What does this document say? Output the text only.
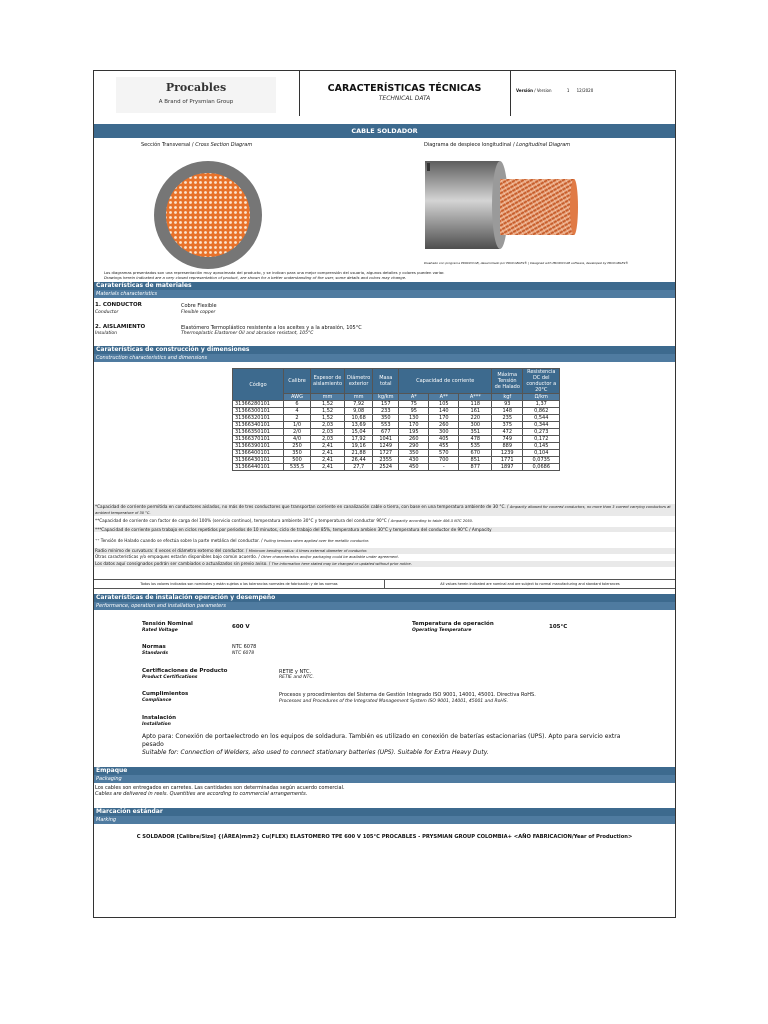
Procables
A Brand of Prysmian Group
CARACTERÍSTICAS TÉCNICAS
TECHNICAL DATA
Versión / Version	1 12/2020
CABLE SOLDADOR
Sección Transversal / Cross Section Diagram	Diagrama de despiece longitudinal / Longitudinal Diagram
Diseñado con programa PRODICCAB, desarrollado por PROCABLES® | Designed with PRODICCAB software, developed by PROCABLES®
Los diagramas presentados son una representación muy aproximada del producto, y se indican para una mejor comprensión del usuario, algunos detalles y colores pueden variar.
Drawings herein indicated are a very closed representation of product, are shown for a better understanding of the user, some details and colors may change.
Caraterísticas de materiales
Materials characteristics
1. CONDUCTOR
Conductor
Cobre Flexible
Flexible copper
2. AISLAMIENTO
Insulation
Elastómero Termoplástico resistente a los aceites y a la abrasión, 105°C
Thermoplastic Elastomer Oil and abrasion resistant, 105°C
Caraterísticas de construcción y dimensiones
Construction characteristics and dimensions
Código	Calibre	Espesor de aislamiento	Diámetro exterior	Masa total	Capacidad de corriente			Máxima Tensión de Halado	Resistencia DC del conductor a 20°C
	AWG	mm	mm	kg/km	A*	A**	A***	kgf	Ω/km
31366280101	6	1,52	7,92	157	75	105	118	93	1,37
31366300101	4	1,52	9,08	233	95	140	161	148	0,862
31366320101	2	1,52	10,68	350	130	170	220	235	0,544
31366340101	1/0	2,03	13,69	553	170	260	300	375	0,344
31366350101	2/0	2,03	15,04	677	195	300	351	472	0,273
31366370101	4/0	2,03	17,92	1041	260	405	478	749	0,172
31366390101	250	2,41	19,16	1249	290	455	535	889	0,145
31366400101	350	2,41	21,88	1727	350	570	670	1239	0,104
31366430101	500	2,41	26,44	2355	430	700	851	1771	0,0735
31366440101	535,5	2,41	27,7	2524	450	-	877	1897	0,0686
*Capacidad de corriente permitida en conductores aislados, no más de tres conductores que transportan corriente en canalización cable o tierra, con base en una temperatura ambiente de 30 °C. / Ampacity allowed for covered conductors, no more than 3 current carrying conductors at ambient temperature of 30 °C.
**Capacidad de corriente con factor de carga del 100% (servicio continuo), temperatura ambiente 30°C y temperatura del conductor 90°C / Ampacity according to table 406-5 NTC 2050.
***Capacidad de corriente para trabajo en ciclos repetidos por periodos de 10 minutos, ciclo de trabajo del 85%, temperatura ambien 30°C y temperatura del conductor de 90°C / Ampacity
⁺⁺ Tensión de Halado cuando se efectúa sobre la parte metálica del conductor. / Pulling tensions when applied over the metallic conductor.
Radio mínimo de curvatura: 4 veces el diámetro externo del conductor. / Minimum bending radius: 4 times external diameter of conductor.
Otras características y/o empaques estarán disponibles bajo común acuerdo. / Other characteristics and/or packaging could be available under agreement.
Los datos aquí consignados podrán ser cambiados o actualizados sin previo aviso. / The information here stated may be changed or updated without prior notice.
Todos los valores indicados son nominales y están sujetos a las tolerancias normales de fabricación y de las normas	All values herein indicated are nominal and are subject to normal manufacturing and standard tolerances
Caraterísticas de instalación operación y desempeño
Performance, operation and installation parameters
Tensión Nominal
Rated Voltage
600 V	Temperatura de operación
Operating Temperature
105°C
Normas
Standards
NTC 6078
NTC 6078
Certificaciones de Producto
Product Certifications
RETIE y NTC.
RETIE and NTC.
Cumplimientos
Compliance
Procesos y procedimientos del Sistema de Gestión Integrado ISO 9001, 14001, 45001. Directiva RoHS.
Processes and Procedures of the Integrated Management System ISO 9001, 14001, 45001 and RoHS.
Instalación
Installation
Apto para: Conexión de portaelectrodo en los equipos de soldadura. También es utilizado en conexión de baterías estacionarias (UPS). Apto para servicio extra pesado
Suitable for: Connection of Welders, also used to connect stationary batteries (UPS). Suitable for Extra Heavy Duty.
Empaque
Packaging
Los cables son entregados en carretes. Las cantidades son determinadas según acuerdo comercial.
Cables are delivered in reels. Quantities are according to commercial arrangements.
Marcación estándar
Marking
C SOLDADOR [Calibre/Size] {(ÁREA)mm2} Cu(FLEX) ELASTOMERO TPE 600 V 105°C PROCABLES - PRYSMIAN GROUP COLOMBIA+ <AÑO FABRICACION/Year of Production>
